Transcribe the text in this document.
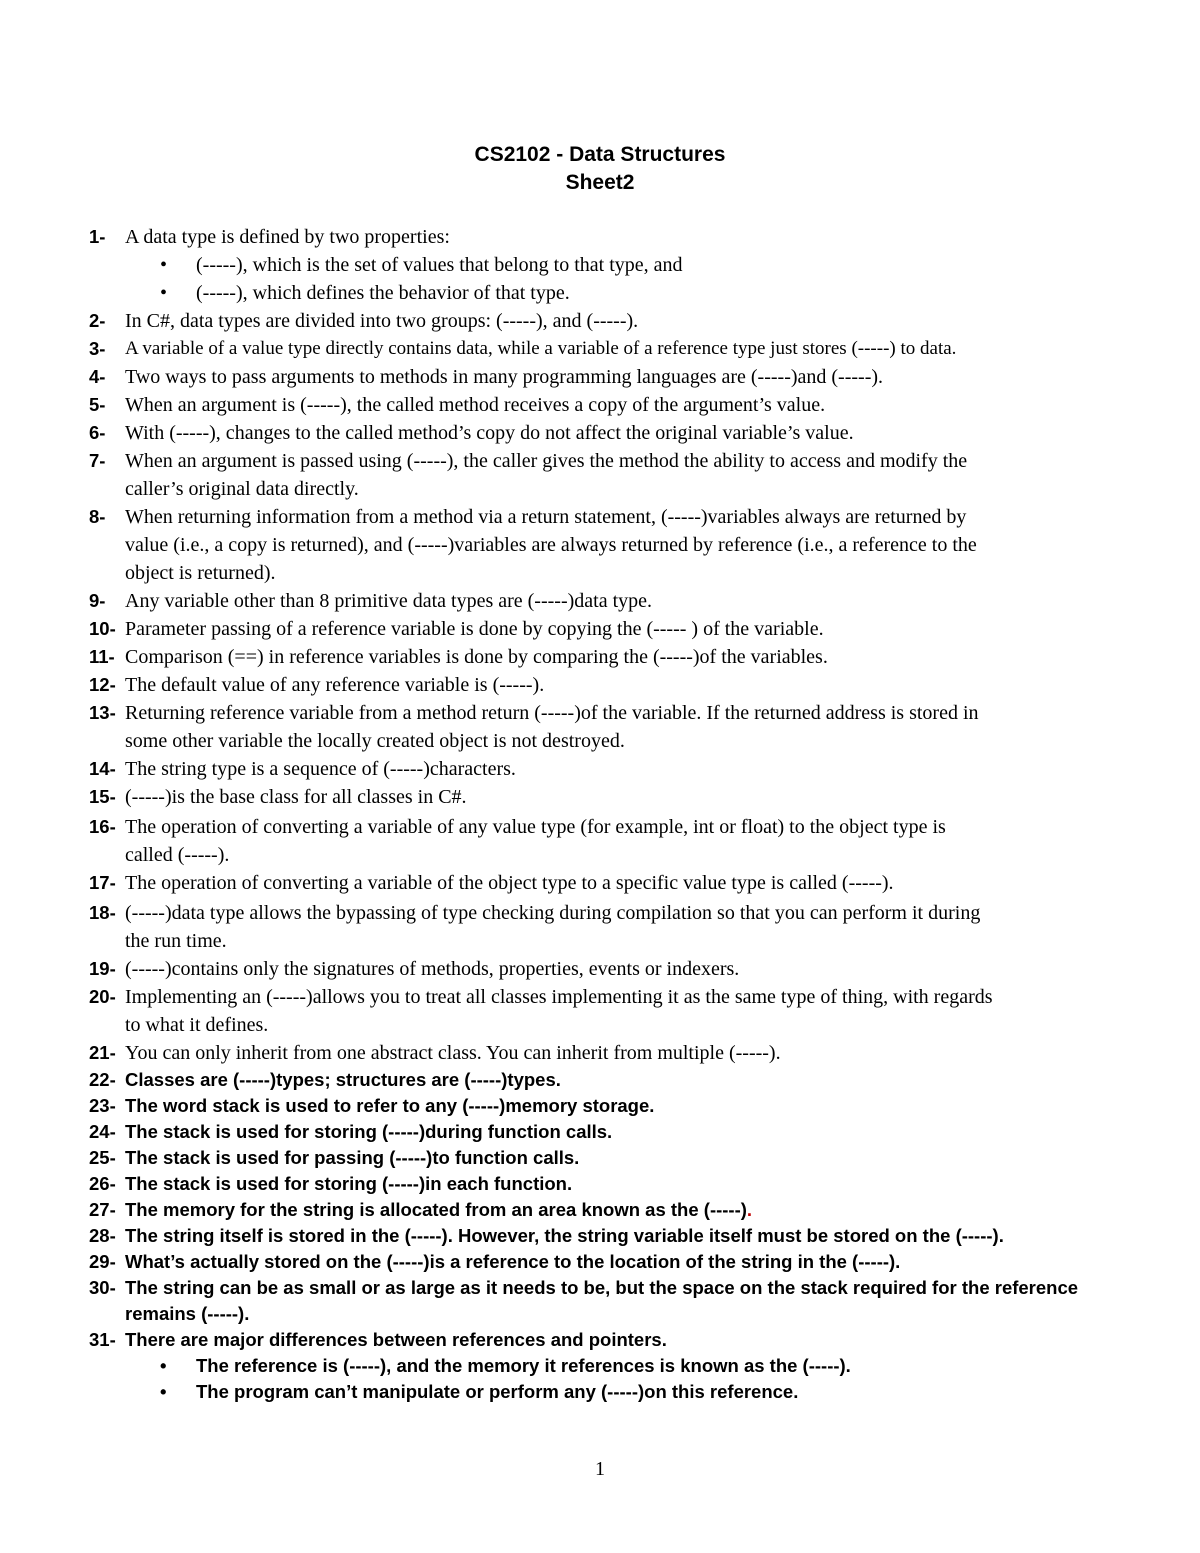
CS2102 - Data Structures
Sheet2
1- A data type is defined by two properties:
• (-----), which is the set of values that belong to that type, and
• (-----), which defines the behavior of that type.
2- In C#, data types are divided into two groups: (-----), and (-----).
3- A variable of a value type directly contains data, while a variable of a reference type just stores (-----) to data.
4- Two ways to pass arguments to methods in many programming languages are (-----)and (-----).
5- When an argument is (-----), the called method receives a copy of the argument’s value.
6- With (-----), changes to the called method’s copy do not affect the original variable’s value.
7- When an argument is passed using (-----), the caller gives the method the ability to access and modify the
caller’s original data directly.
8- When returning information from a method via a return statement, (-----)variables always are returned by
value (i.e., a copy is returned), and (-----)variables are always returned by reference (i.e., a reference to the
object is returned).
9- Any variable other than 8 primitive data types are (-----)data type.
10- Parameter passing of a reference variable is done by copying the (----- ) of the variable.
11- Comparison (==) in reference variables is done by comparing the (-----)of the variables.
12- The default value of any reference variable is (-----).
13- Returning reference variable from a method return (-----)of the variable. If the returned address is stored in
some other variable the locally created object is not destroyed.
14- The string type is a sequence of (-----)characters.
15- (-----)is the base class for all classes in C#.
16- The operation of converting a variable of any value type (for example, int or float) to the object type is
called (-----).
17- The operation of converting a variable of the object type to a specific value type is called (-----).
18- (-----)data type allows the bypassing of type checking during compilation so that you can perform it during
the run time.
19- (-----)contains only the signatures of methods, properties, events or indexers.
20- Implementing an (-----)allows you to treat all classes implementing it as the same type of thing, with regards
to what it defines.
21- You can only inherit from one abstract class. You can inherit from multiple (-----).
22- Classes are (-----)types; structures are (-----)types.
23- The word stack is used to refer to any (-----)memory storage.
24- The stack is used for storing (-----)during function calls.
25- The stack is used for passing (-----)to function calls.
26- The stack is used for storing (-----)in each function.
27- The memory for the string is allocated from an area known as the (-----).
28- The string itself is stored in the (-----). However, the string variable itself must be stored on the (-----).
29- What’s actually stored on the (-----)is a reference to the location of the string in the (-----).
30- The string can be as small or as large as it needs to be, but the space on the stack required for the reference
remains (-----).
31- There are major differences between references and pointers.
• The reference is (-----), and the memory it references is known as the (-----).
• The program can’t manipulate or perform any (-----)on this reference.
1
